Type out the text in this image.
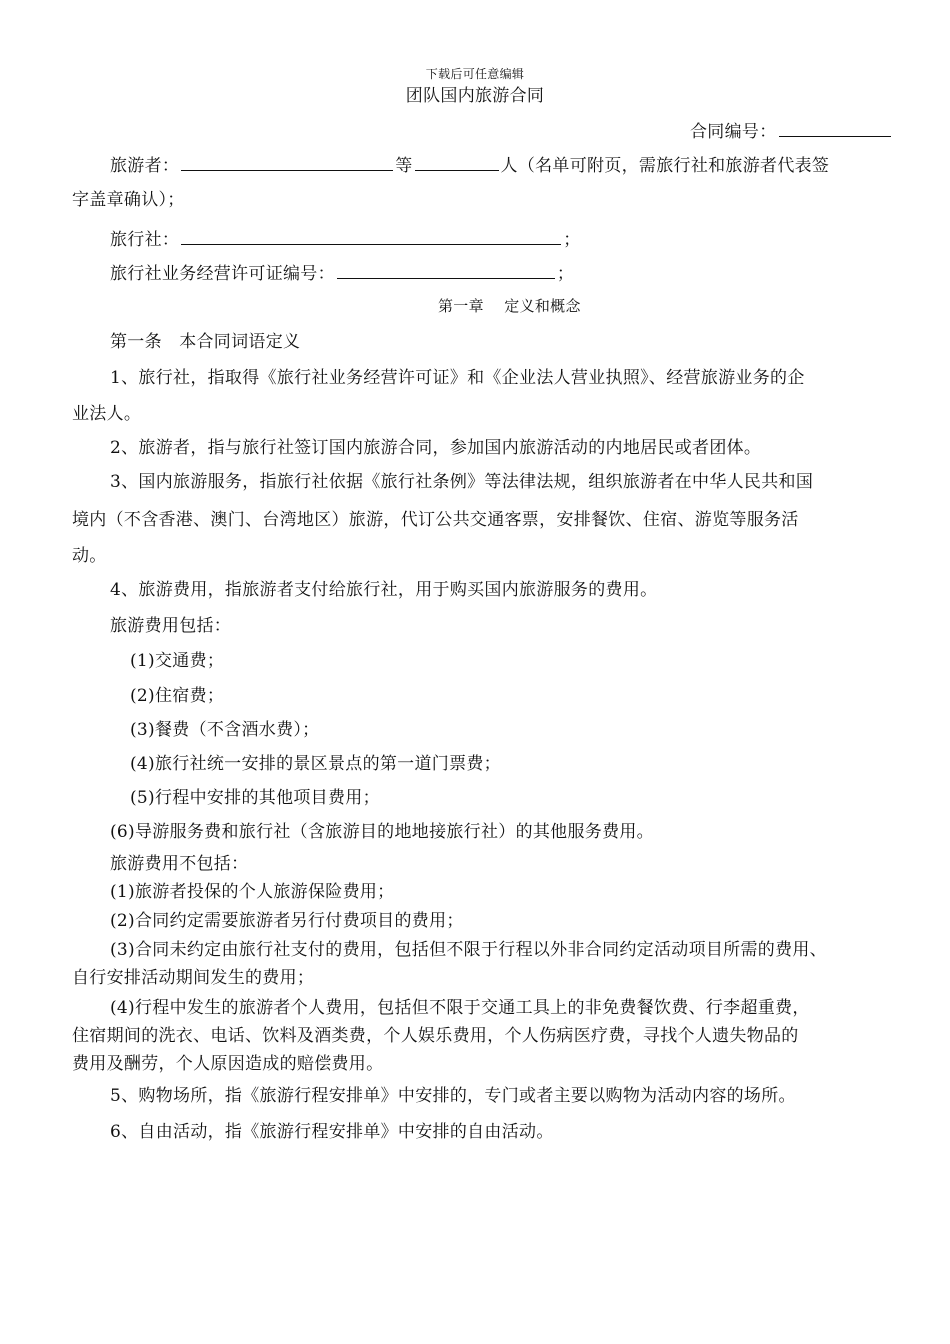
下载后可任意编辑
团队国内旅游合同
合同编号：
旅游者：	等	人（名单可附页，需旅行社和旅游者代表签
字盖章确认）；
旅行社：	；
旅行社业务经营许可证编号：	；
第一章　 定义和概念
第一条　本合同词语定义
1、旅行社，指取得《旅行社业务经营许可证》和《企业法人营业执照》、经营旅游业务的企
业法人。
2、旅游者，指与旅行社签订国内旅游合同，参加国内旅游活动的内地居民或者团体。
3、国内旅游服务，指旅行社依据《旅行社条例》等法律法规，组织旅游者在中华人民共和国
境内（不含香港、澳门、台湾地区）旅游，代订公共交通客票，安排餐饮、住宿、游览等服务活
动。
4、旅游费用，指旅游者支付给旅行社，用于购买国内旅游服务的费用。
旅游费用包括：
(1)交通费；
(2)住宿费；
(3)餐费（不含酒水费）；
(4)旅行社统一安排的景区景点的第一道门票费；
(5)行程中安排的其他项目费用；
(6)导游服务费和旅行社（含旅游目的地地接旅行社）的其他服务费用。
旅游费用不包括：
(1)旅游者投保的个人旅游保险费用；
(2)合同约定需要旅游者另行付费项目的费用；
(3)合同未约定由旅行社支付的费用，包括但不限于行程以外非合同约定活动项目所需的费用、
自行安排活动期间发生的费用；
(4)行程中发生的旅游者个人费用，包括但不限于交通工具上的非免费餐饮费、行李超重费，
住宿期间的洗衣、电话、饮料及酒类费，个人娱乐费用，个人伤病医疗费，寻找个人遗失物品的
费用及酬劳，个人原因造成的赔偿费用。
5、购物场所，指《旅游行程安排单》中安排的，专门或者主要以购物为活动内容的场所。
6、自由活动，指《旅游行程安排单》中安排的自由活动。
